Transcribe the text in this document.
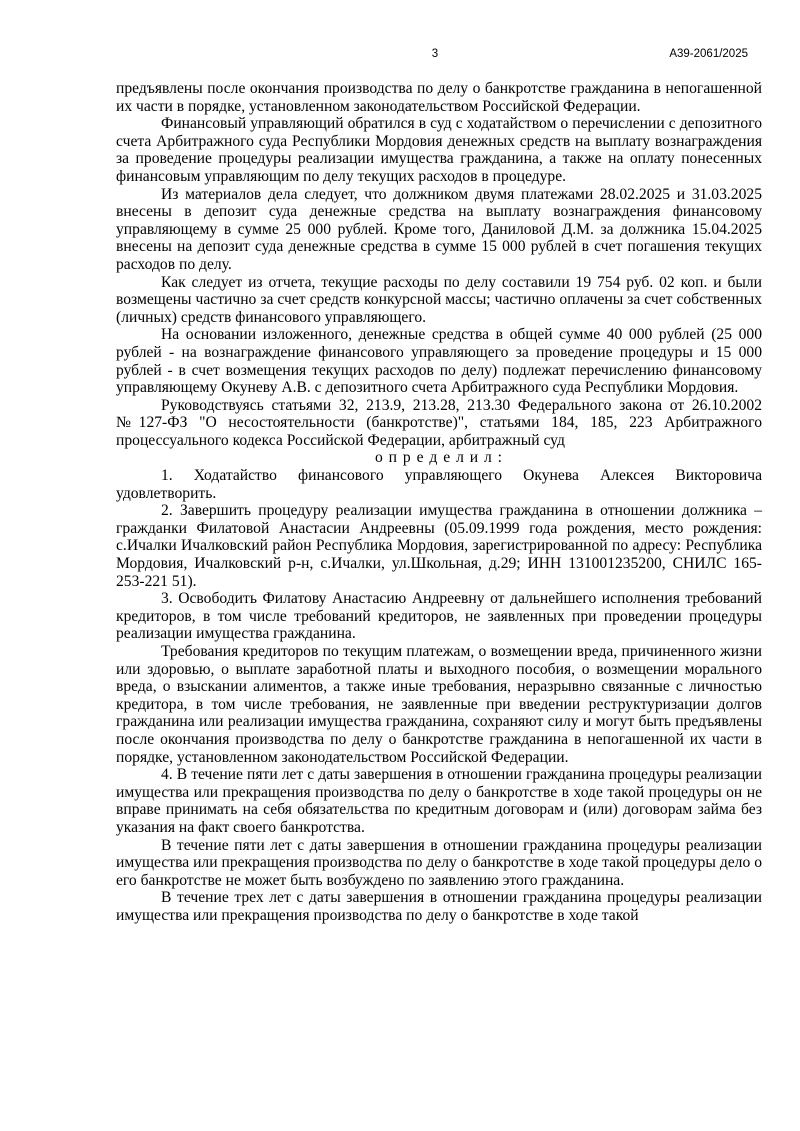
3	А39-2061/2025

предъявлены после окончания производства по делу о банкротстве гражданина в непогашенной их части в порядке, установленном законодательством Российской Федерации.

Финансовый управляющий обратился в суд с ходатайством о перечислении с депозитного счета Арбитражного суда Республики Мордовия денежных средств на выплату вознаграждения за проведение процедуры реализации имущества гражданина, а также на оплату понесенных финансовым управляющим по делу текущих расходов в процедуре.

Из материалов дела следует, что должником двумя платежами 28.02.2025 и 31.03.2025 внесены в депозит суда денежные средства на выплату вознаграждения финансовому управляющему в сумме 25 000 рублей. Кроме того, Даниловой Д.М. за должника 15.04.2025 внесены на депозит суда денежные средства в сумме 15 000 рублей в счет погашения текущих расходов по делу.

Как следует из отчета, текущие расходы по делу составили 19 754 руб. 02 коп. и были возмещены частично за счет средств конкурсной массы; частично оплачены за счет собственных (личных) средств финансового управляющего.

На основании изложенного, денежные средства в общей сумме 40 000 рублей (25 000 рублей - на вознаграждение финансового управляющего за проведение процедуры и 15 000 рублей - в счет возмещения текущих расходов по делу) подлежат перечислению финансовому управляющему Окуневу А.В. с депозитного счета Арбитражного суда Республики Мордовия.

Руководствуясь статьями 32, 213.9, 213.28, 213.30 Федерального закона от 26.10.2002 №127-ФЗ "О несостоятельности (банкротстве)", статьями 184, 185, 223 Арбитражного процессуального кодекса Российской Федерации, арбитражный суд

о п р е д е л и л :

1. Ходатайство финансового управляющего Окунева Алексея Викторовича удовлетворить.

2. Завершить процедуру реализации имущества гражданина в отношении должника – гражданки Филатовой Анастасии Андреевны (05.09.1999 года рождения, место рождения: с.Ичалки Ичалковский район Республика Мордовия, зарегистрированной по адресу: Республика Мордовия, Ичалковский р-н, с.Ичалки, ул.Школьная, д.29; ИНН 131001235200, СНИЛС 165-253-221 51).

3. Освободить Филатову Анастасию Андреевну от дальнейшего исполнения требований кредиторов, в том числе требований кредиторов, не заявленных при проведении процедуры реализации имущества гражданина.

Требования кредиторов по текущим платежам, о возмещении вреда, причиненного жизни или здоровью, о выплате заработной платы и выходного пособия, о возмещении морального вреда, о взыскании алиментов, а также иные требования, неразрывно связанные с личностью кредитора, в том числе требования, не заявленные при введении реструктуризации долгов гражданина или реализации имущества гражданина, сохраняют силу и могут быть предъявлены после окончания производства по делу о банкротстве гражданина в непогашенной их части в порядке, установленном законодательством Российской Федерации.

4. В течение пяти лет с даты завершения в отношении гражданина процедуры реализации имущества или прекращения производства по делу о банкротстве в ходе такой процедуры он не вправе принимать на себя обязательства по кредитным договорам и (или) договорам займа без указания на факт своего банкротства.

В течение пяти лет с даты завершения в отношении гражданина процедуры реализации имущества или прекращения производства по делу о банкротстве в ходе такой процедуры дело о его банкротстве не может быть возбуждено по заявлению этого гражданина.

В течение трех лет с даты завершения в отношении гражданина процедуры реализации имущества или прекращения производства по делу о банкротстве в ходе такой
